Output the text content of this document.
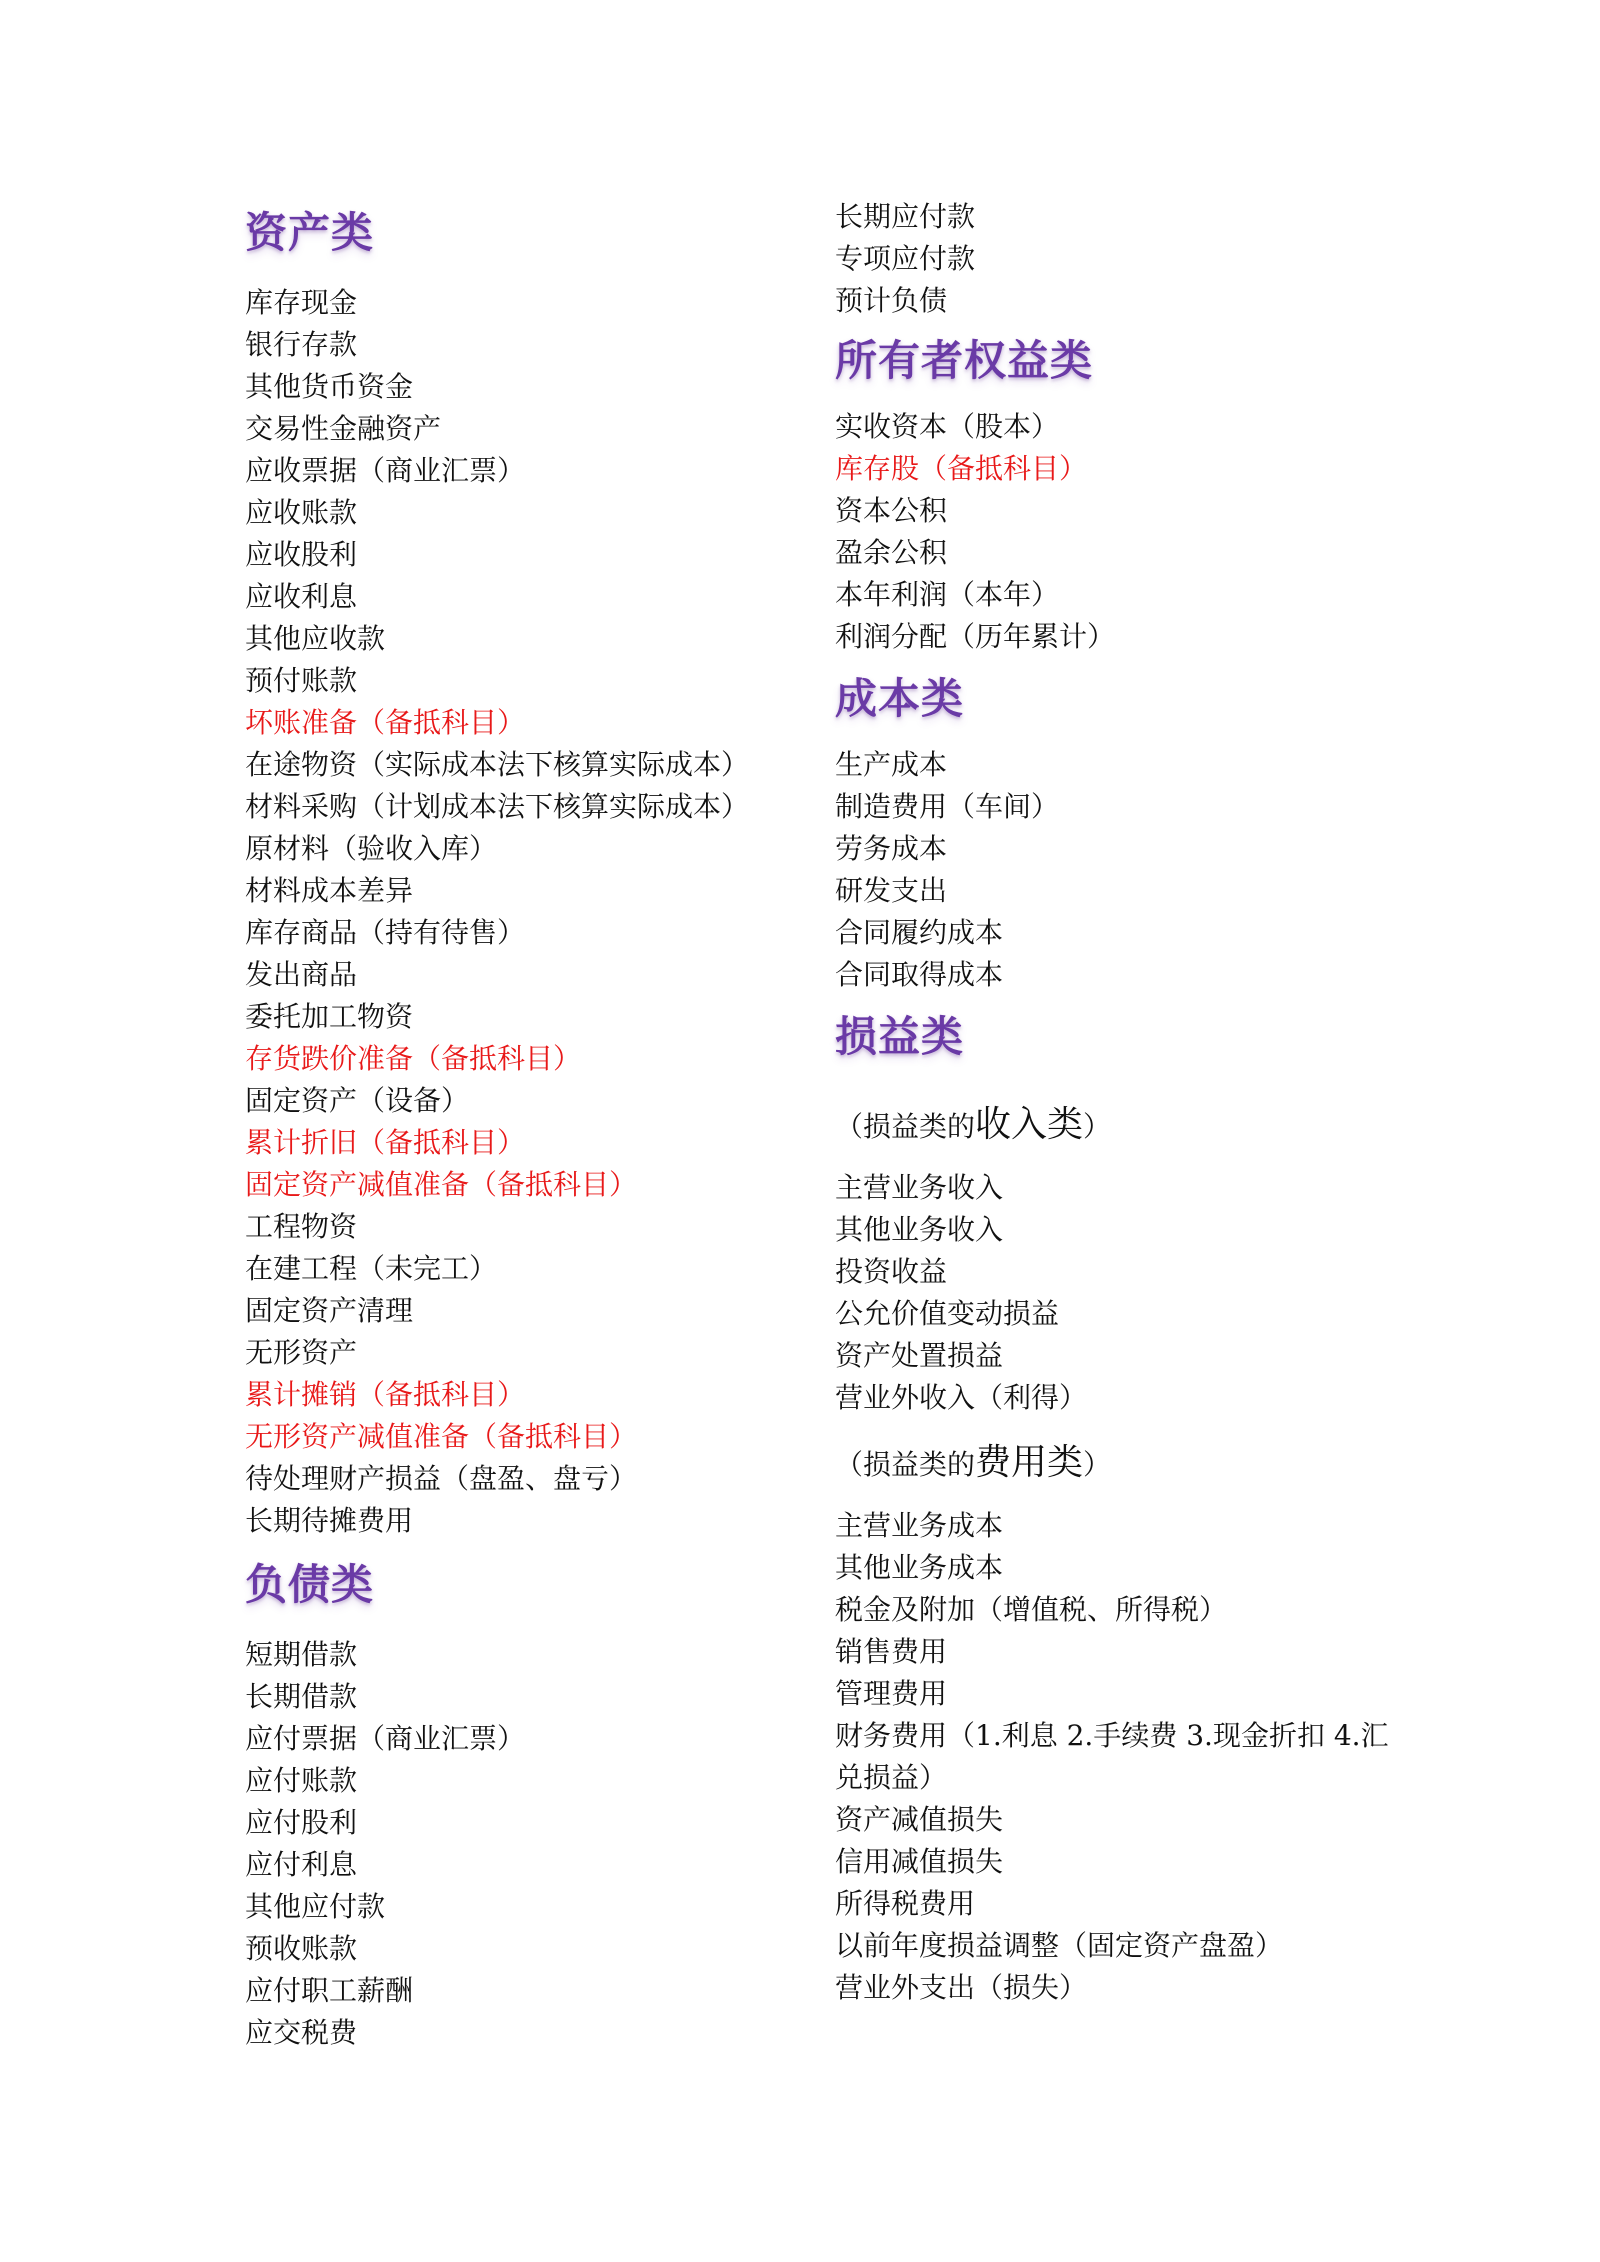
资产类
库存现金
银行存款
其他货币资金
交易性金融资产
应收票据（商业汇票）
应收账款
应收股利
应收利息
其他应收款
预付账款
坏账准备（备抵科目）
在途物资（实际成本法下核算实际成本）
材料采购（计划成本法下核算实际成本）
原材料（验收入库）
材料成本差异
库存商品（持有待售）
发出商品
委托加工物资
存货跌价准备（备抵科目）
固定资产（设备）
累计折旧（备抵科目）
固定资产减值准备（备抵科目）
工程物资
在建工程（未完工）
固定资产清理
无形资产
累计摊销（备抵科目）
无形资产减值准备（备抵科目）
待处理财产损益（盘盈、盘亏）
长期待摊费用
负债类
短期借款
长期借款
应付票据（商业汇票）
应付账款
应付股利
应付利息
其他应付款
预收账款
应付职工薪酬
应交税费
长期应付款
专项应付款
预计负债
所有者权益类
实收资本（股本）
库存股（备抵科目）
资本公积
盈余公积
本年利润（本年）
利润分配（历年累计）
成本类
生产成本
制造费用（车间）
劳务成本
研发支出
合同履约成本
合同取得成本
损益类
（损益类的收入类）
主营业务收入
其他业务收入
投资收益
公允价值变动损益
资产处置损益
营业外收入（利得）
（损益类的费用类）
主营业务成本
其他业务成本
税金及附加（增值税、所得税）
销售费用
管理费用
财务费用（1.利息 2.手续费 3.现金折扣 4.汇兑损益）
资产减值损失
信用减值损失
所得税费用
以前年度损益调整（固定资产盘盈）
营业外支出（损失）
